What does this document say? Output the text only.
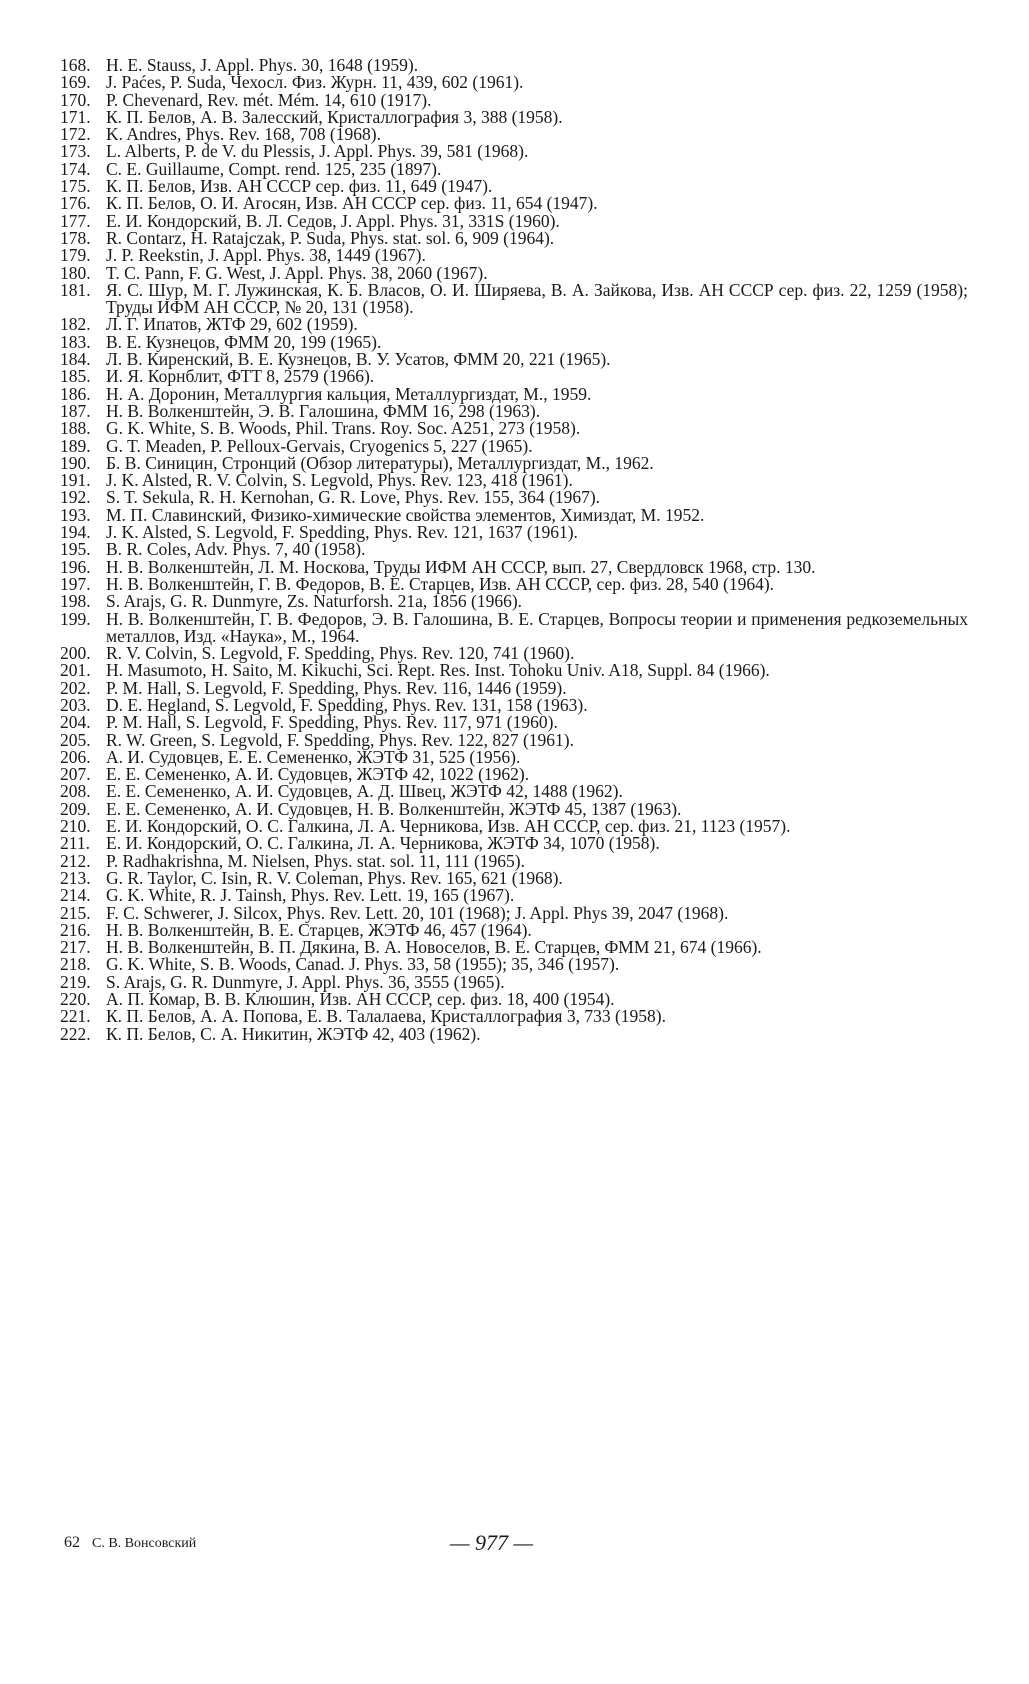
168. H. E. Stauss, J. Appl. Phys. 30, 1648 (1959).
169. J. Paćes, P. Suda, Чехосл. Физ. Журн. 11, 439, 602 (1961).
170. P. Chevenard, Rev. mét. Mém. 14, 610 (1917).
171. К. П. Белов, А. В. Залесский, Кристаллография 3, 388 (1958).
172. K. Andres, Phys. Rev. 168, 708 (1968).
173. L. Alberts, P. de V. du Plessis, J. Appl. Phys. 39, 581 (1968).
174. C. E. Guillaume, Compt. rend. 125, 235 (1897).
175. К. П. Белов, Изв. АН СССР сер. физ. 11, 649 (1947).
176. К. П. Белов, О. И. Агосян, Изв. АН СССР сер. физ. 11, 654 (1947).
177. Е. И. Кондорский, В. Л. Седов, J. Appl. Phys. 31, 331S (1960).
178. R. Contarz, H. Ratajczak, P. Suda, Phys. stat. sol. 6, 909 (1964).
179. J. P. Reekstin, J. Appl. Phys. 38, 1449 (1967).
180. T. C. Pann, F. G. West, J. Appl. Phys. 38, 2060 (1967).
181. Я. С. Шур, М. Г. Лужинская, К. Б. Власов, О. И. Ширяева, В. А. Зайкова, Изв. АН СССР сер. физ. 22, 1259 (1958); Труды ИФМ АН СССР, № 20, 131 (1958).
182. Л. Г. Ипатов, ЖТФ 29, 602 (1959).
183. В. Е. Кузнецов, ФММ 20, 199 (1965).
184. Л. В. Киренский, В. Е. Кузнецов, В. У. Усатов, ФММ 20, 221 (1965).
185. И. Я. Корнблит, ФТТ 8, 2579 (1966).
186. Н. А. Доронин, Металлургия кальция, Металлургиздат, М., 1959.
187. Н. В. Волкенштейн, Э. В. Галошина, ФММ 16, 298 (1963).
188. G. K. White, S. B. Woods, Phil. Trans. Roy. Soc. A251, 273 (1958).
189. G. T. Meaden, P. Pelloux-Gervais, Cryogenics 5, 227 (1965).
190. Б. В. Синицин, Стронций (Обзор литературы), Металлургиздат, М., 1962.
191. J. K. Alsted, R. V. Colvin, S. Legvold, Phys. Rev. 123, 418 (1961).
192. S. T. Sekula, R. H. Kernohan, G. R. Love, Phys. Rev. 155, 364 (1967).
193. М. П. Славинский, Физико-химические свойства элементов, Химиздат, М. 1952.
194. J. K. Alsted, S. Legvold, F. Spedding, Phys. Rev. 121, 1637 (1961).
195. B. R. Coles, Adv. Phys. 7, 40 (1958).
196. Н. В. Волкенштейн, Л. М. Носкова, Труды ИФМ АН СССР, вып. 27, Свердловск 1968, стр. 130.
197. Н. В. Волкенштейн, Г. В. Федоров, В. Е. Старцев, Изв. АН СССР, сер. физ. 28, 540 (1964).
198. S. Arajs, G. R. Dunmyre, Zs. Naturforsh. 21a, 1856 (1966).
199. Н. В. Волкенштейн, Г. В. Федоров, Э. В. Галошина, В. Е. Старцев, Вопросы теории и применения редкоземельных металлов, Изд. «Наука», М., 1964.
200. R. V. Colvin, S. Legvold, F. Spedding, Phys. Rev. 120, 741 (1960).
201. H. Masumoto, H. Saito, M. Kikuchi, Sci. Rept. Res. Inst. Tohoku Univ. A18, Suppl. 84 (1966).
202. P. M. Hall, S. Legvold, F. Spedding, Phys. Rev. 116, 1446 (1959).
203. D. E. Hegland, S. Legvold, F. Spedding, Phys. Rev. 131, 158 (1963).
204. P. M. Hall, S. Legvold, F. Spedding, Phys. Rev. 117, 971 (1960).
205. R. W. Green, S. Legvold, F. Spedding, Phys. Rev. 122, 827 (1961).
206. А. И. Судовцев, Е. Е. Семененко, ЖЭТФ 31, 525 (1956).
207. Е. Е. Семененко, А. И. Судовцев, ЖЭТФ 42, 1022 (1962).
208. Е. Е. Семененко, А. И. Судовцев, А. Д. Швец, ЖЭТФ 42, 1488 (1962).
209. Е. Е. Семененко, А. И. Судовцев, Н. В. Волкенштейн, ЖЭТФ 45, 1387 (1963).
210. Е. И. Кондорский, О. С. Галкина, Л. А. Черникова, Изв. АН СССР, сер. физ. 21, 1123 (1957).
211. Е. И. Кондорский, О. С. Галкина, Л. А. Черникова, ЖЭТФ 34, 1070 (1958).
212. P. Radhakrishna, M. Nielsen, Phys. stat. sol. 11, 111 (1965).
213. G. R. Taylor, C. Isin, R. V. Coleman, Phys. Rev. 165, 621 (1968).
214. G. K. White, R. J. Tainsh, Phys. Rev. Lett. 19, 165 (1967).
215. F. C. Schwerer, J. Silcox, Phys. Rev. Lett. 20, 101 (1968); J. Appl. Phys 39, 2047 (1968).
216. Н. В. Волкенштейн, В. Е. Старцев, ЖЭТФ 46, 457 (1964).
217. Н. В. Волкенштейн, В. П. Дякина, В. А. Новоселов, В. Е. Старцев, ФММ 21, 674 (1966).
218. G. K. White, S. B. Woods, Canad. J. Phys. 33, 58 (1955); 35, 346 (1957).
219. S. Arajs, G. R. Dunmyre, J. Appl. Phys. 36, 3555 (1965).
220. А. П. Комар, В. В. Клюшин, Изв. АН СССР, сер. физ. 18, 400 (1954).
221. К. П. Белов, А. А. Попова, Е. В. Талалаева, Кристаллография 3, 733 (1958).
222. К. П. Белов, С. А. Никитин, ЖЭТФ 42, 403 (1962).
62 С. В. Вонсовский	— 977 —
